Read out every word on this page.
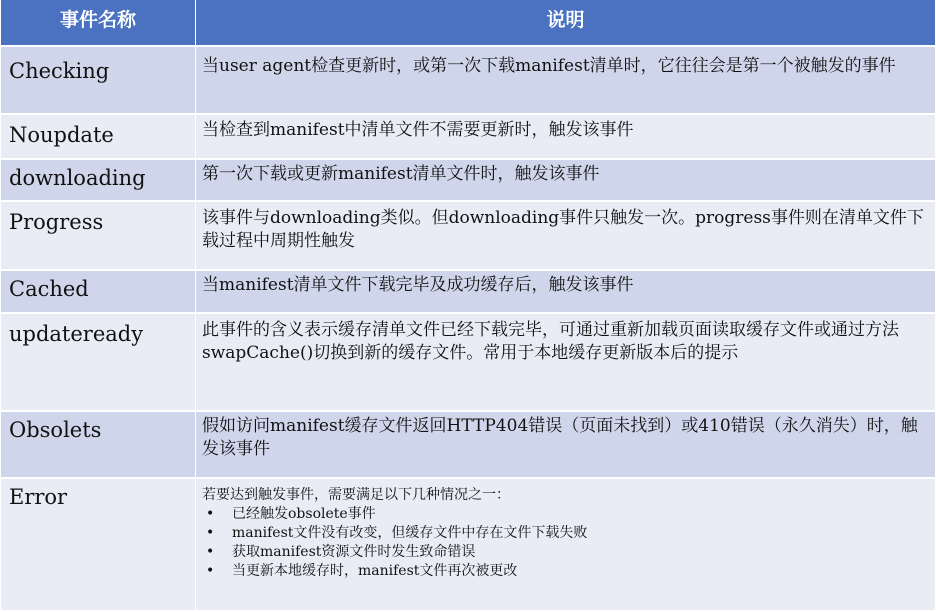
事件名称	说明
Checking	当user agent检查更新时，或第一次下载manifest清单时，它往往会是第一个被触发的事件
Noupdate	当检查到manifest中清单文件不需要更新时，触发该事件
downloading	第一次下载或更新manifest清单文件时，触发该事件
Progress	该事件与downloading类似。但downloading事件只触发一次。progress事件则在清单文件下载过程中周期性触发
Cached	当manifest清单文件下载完毕及成功缓存后，触发该事件
updateready	此事件的含义表示缓存清单文件已经下载完毕，可通过重新加载页面读取缓存文件或通过方法swapCache()切换到新的缓存文件。常用于本地缓存更新版本后的提示
Obsolets	假如访问manifest缓存文件返回HTTP404错误（页面未找到）或410错误（永久消失）时，触发该事件
Error	若要达到触发事件，需要满足以下几种情况之一：
• 已经触发obsolete事件
• manifest文件没有改变，但缓存文件中存在文件下载失败
• 获取manifest资源文件时发生致命错误
• 当更新本地缓存时，manifest文件再次被更改
